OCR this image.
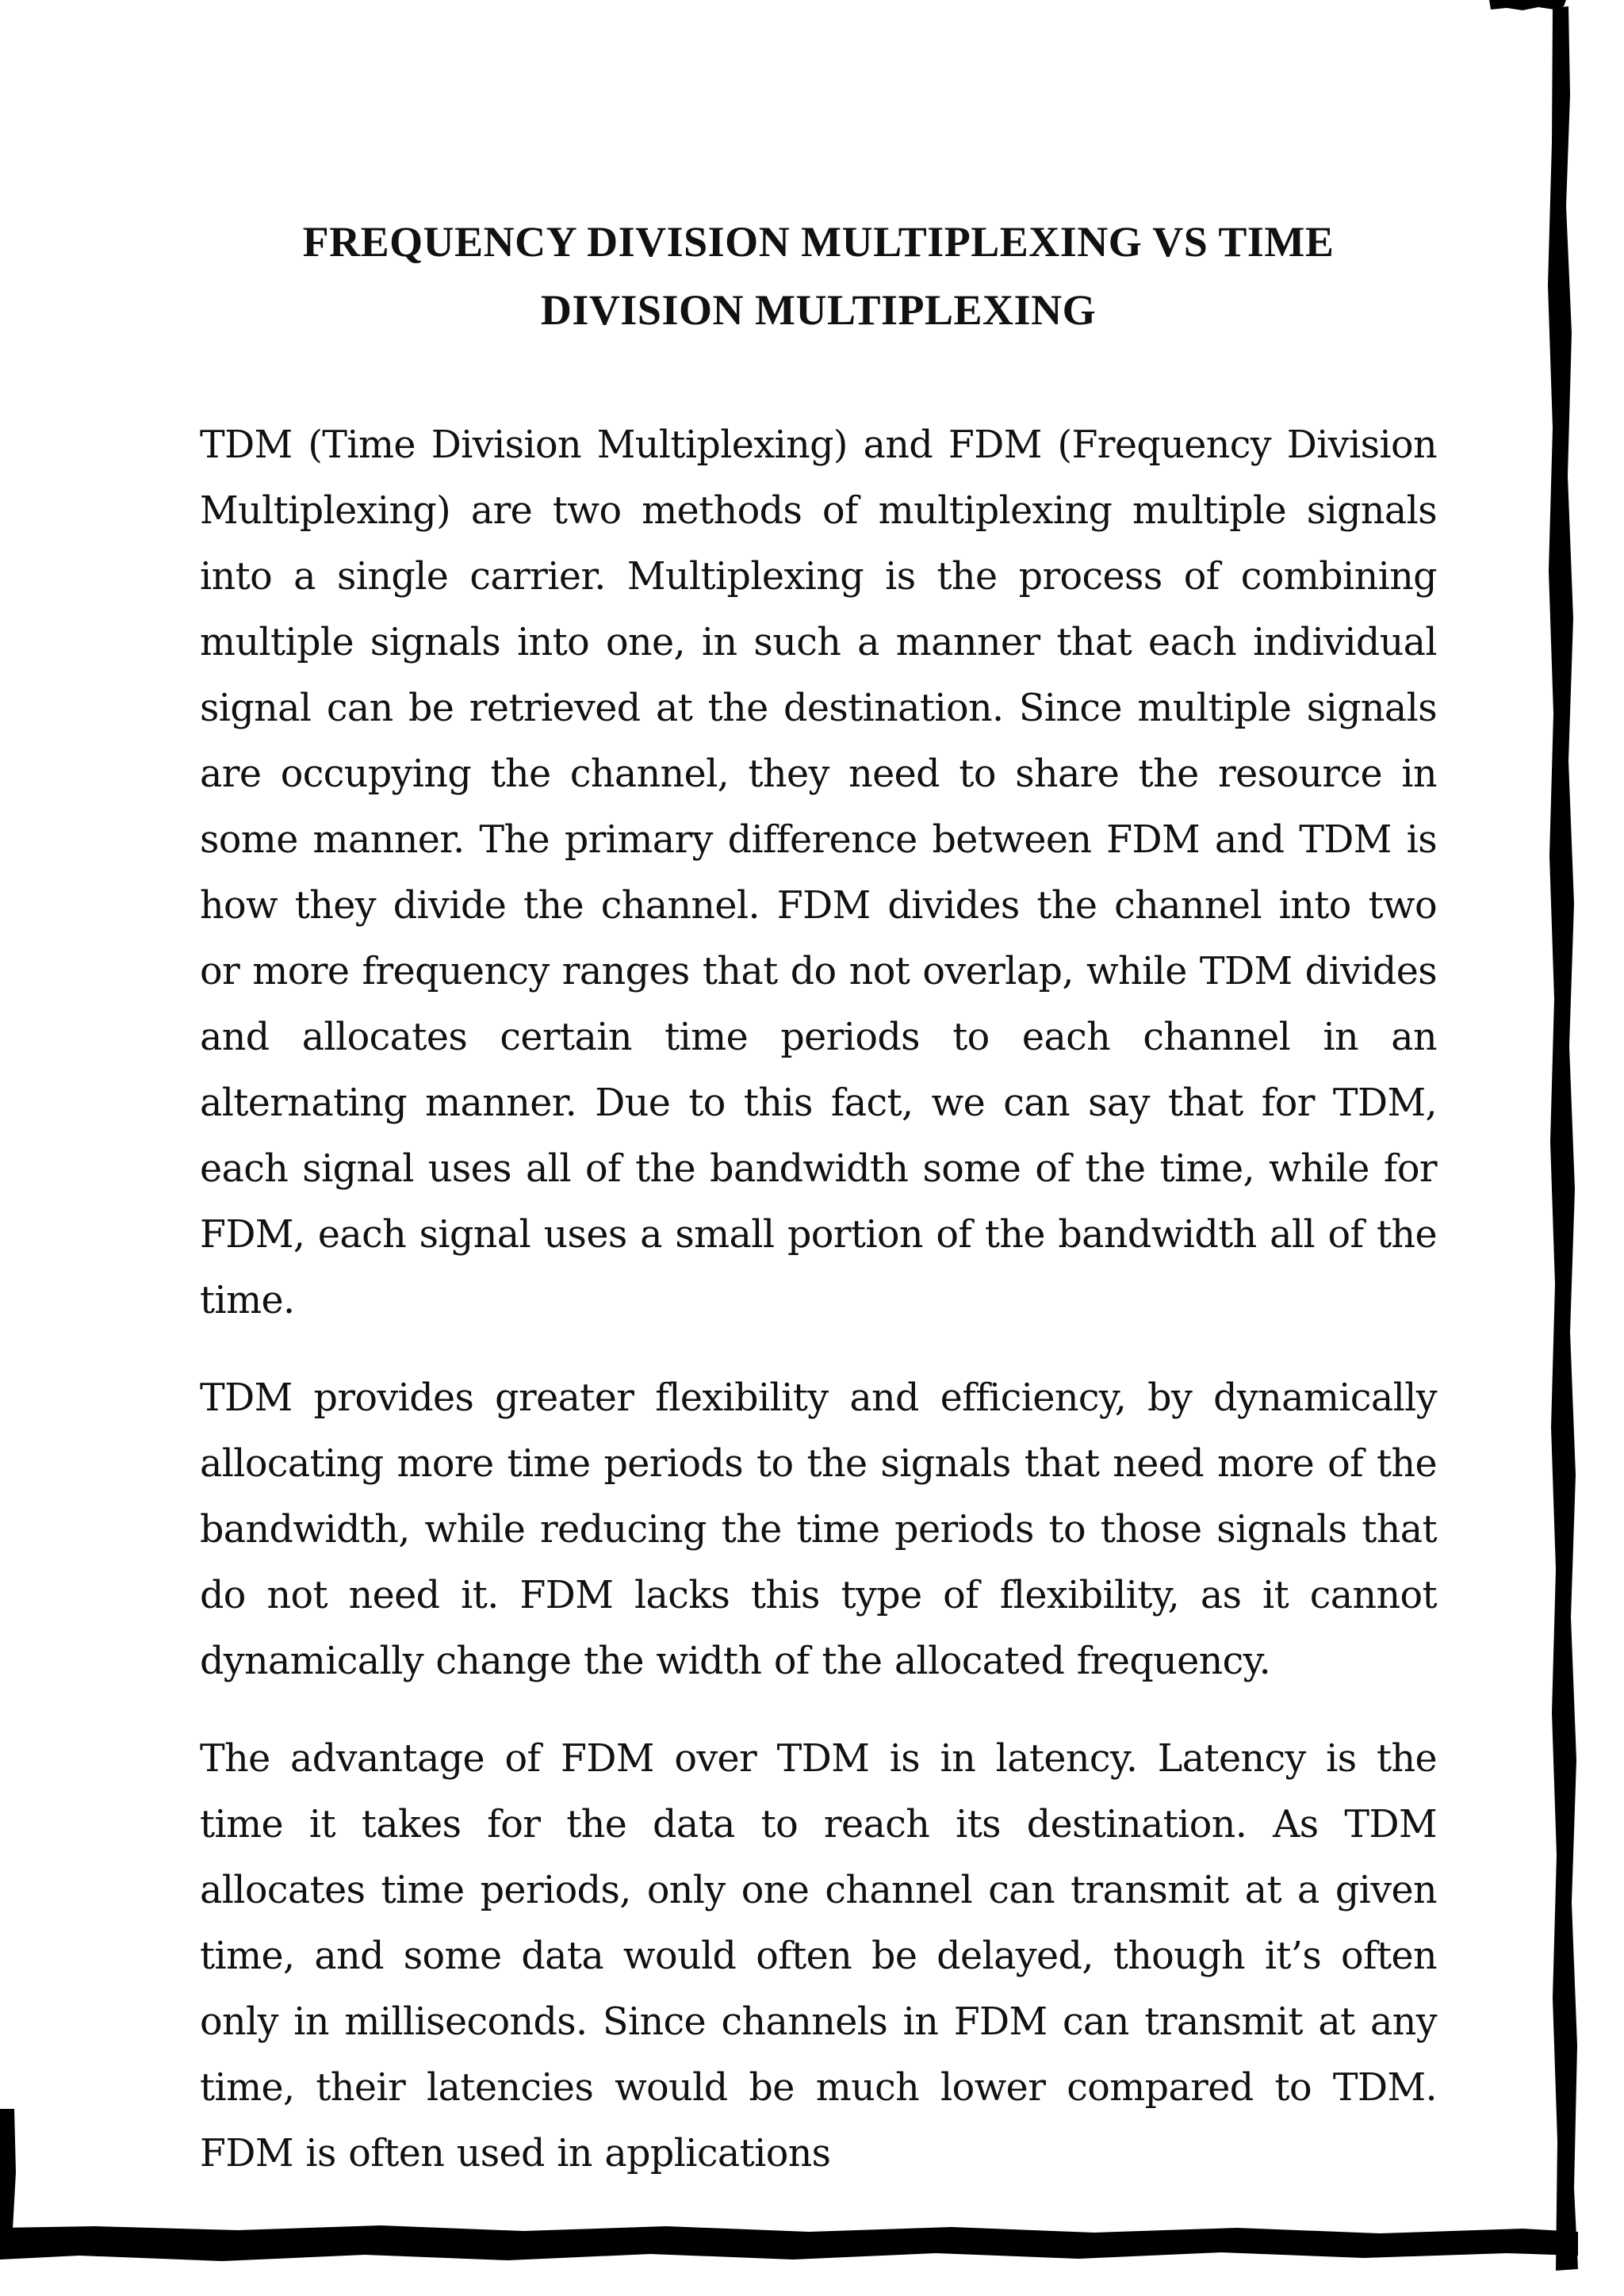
FREQUENCY DIVISION MULTIPLEXING VS TIME
DIVISION MULTIPLEXING

TDM (Time Division Multiplexing) and FDM (Frequency Division Multiplexing) are two methods of multiplexing multiple signals into a single carrier. Multiplexing is the process of combining multiple signals into one, in such a manner that each individual signal can be retrieved at the destination. Since multiple signals are occupying the channel, they need to share the resource in some manner. The primary difference between FDM and TDM is how they divide the channel. FDM divides the channel into two or more frequency ranges that do not overlap, while TDM divides and allocates certain time periods to each channel in an alternating manner. Due to this fact, we can say that for TDM, each signal uses all of the bandwidth some of the time, while for FDM, each signal uses a small portion of the bandwidth all of the time.

TDM provides greater flexibility and efficiency, by dynamically allocating more time periods to the signals that need more of the bandwidth, while reducing the time periods to those signals that do not need it. FDM lacks this type of flexibility, as it cannot dynamically change the width of the allocated frequency.

The advantage of FDM over TDM is in latency. Latency is the time it takes for the data to reach its destination. As TDM allocates time periods, only one channel can transmit at a given time, and some data would often be delayed, though it’s often only in milliseconds. Since channels in FDM can transmit at any time, their latencies would be much lower compared to TDM. FDM is often used in applications
